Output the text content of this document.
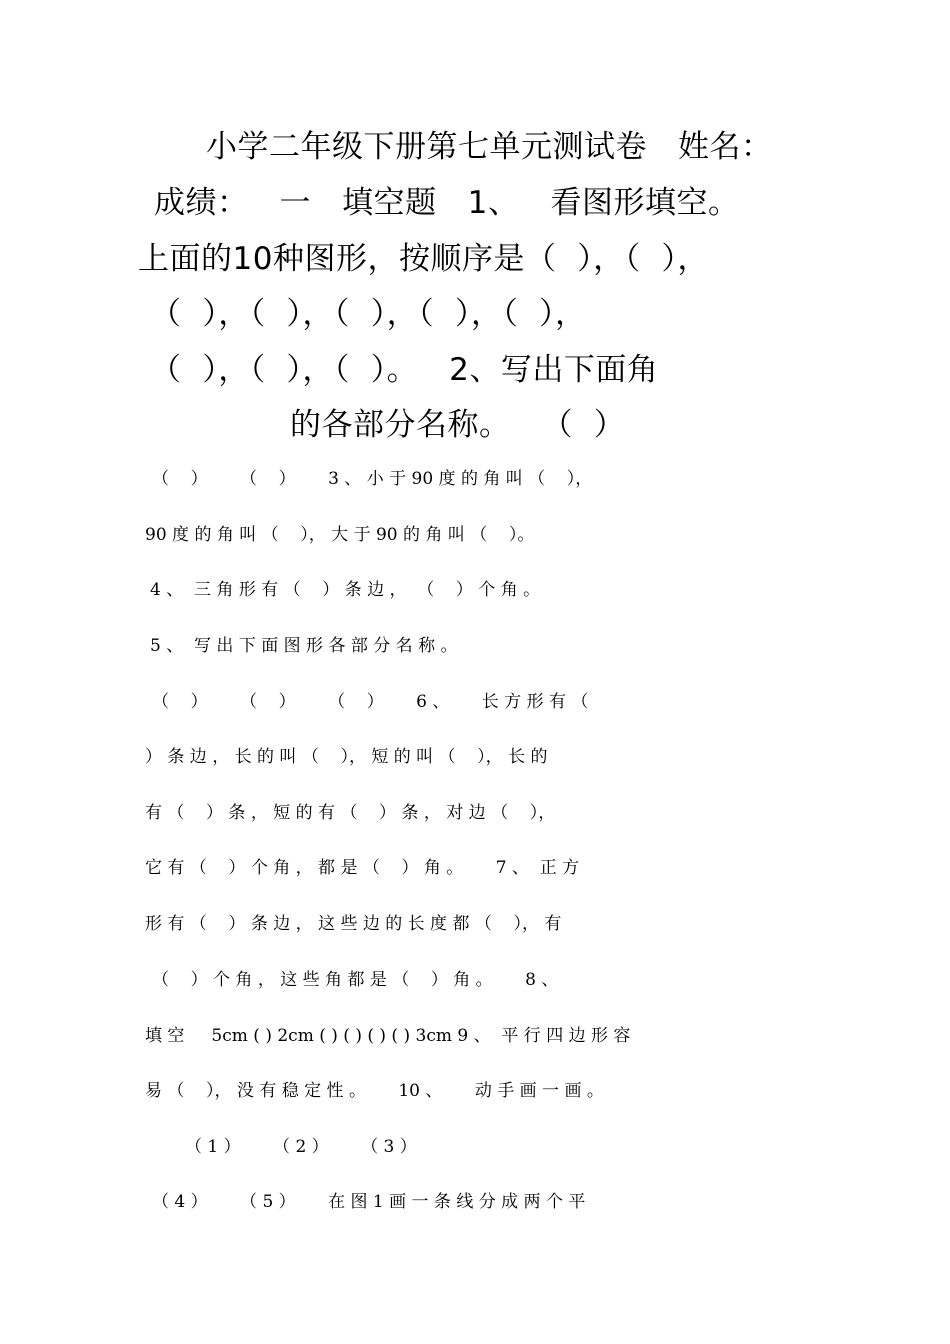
小学二年级下册第七单元测试卷   姓名：
成绩：   一   填空题   1、   看图形填空。
上面的10种图形，按顺序是（  ），（  ），
（  ），（  ），（  ），（  ），（  ），
（  ），（  ），（  ）。   2、写出下面角
的各部分名称。   （  ）
（    ）      （    ）      3 、 小 于 90 度 的 角 叫 （    ），
90 度 的 角 叫 （    ）， 大 于 90 的 角 叫 （    ）。
4 、  三 角 形 有 （    ） 条 边 ，  （    ） 个 角 。
5 、  写 出 下 面 图 形 各 部 分 名 称 。
（    ）      （    ）      （    ）      6 、      长 方 形 有 （
） 条 边 ， 长 的 叫 （    ）， 短 的 叫 （    ）， 长 的
有 （    ） 条 ， 短 的 有 （    ） 条 ， 对 边 （    ），
它 有 （    ） 个 角 ， 都 是 （    ） 角 。      7 、  正 方
形 有 （    ） 条 边 ， 这 些 边 的 长 度 都 （    ）， 有
（    ） 个 角 ， 这 些 角 都 是 （    ） 角 。      8 、
填 空     5cm ( ) 2cm ( ) ( ) ( ) ( ) 3cm 9 、  平 行 四 边 形 容
易 （    ）， 没 有 稳 定 性 。      10 、      动 手 画 一 画 。
（ 1 ）      （ 2 ）      （ 3 ）
（ 4 ）      （ 5 ）      在 图 1 画 一 条 线 分 成 两 个 平
